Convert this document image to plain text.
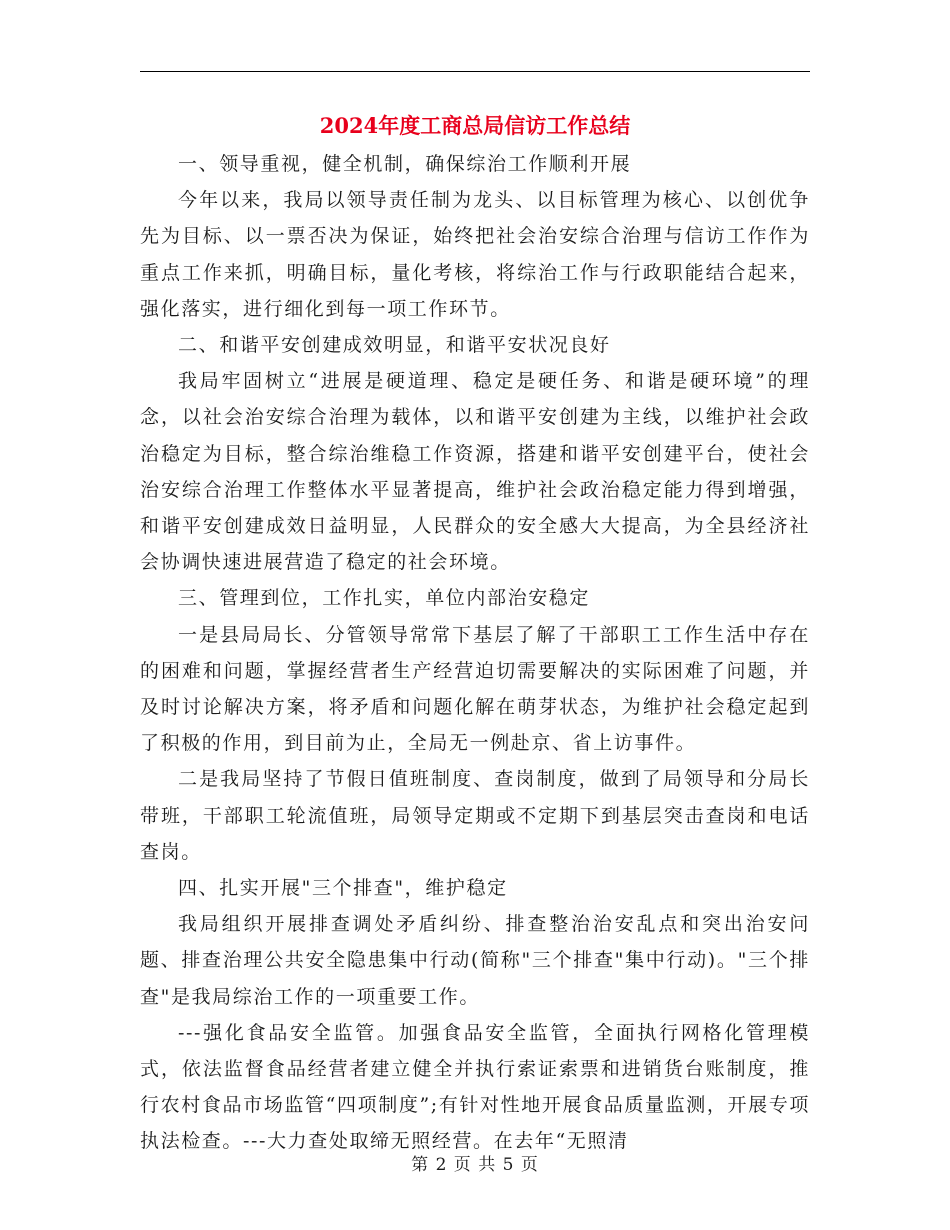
2024年度工商总局信访工作总结

一、领导重视，健全机制，确保综治工作顺利开展

今年以来，我局以领导责任制为龙头、以目标管理为核心、以创优争先为目标、以一票否决为保证，始终把社会治安综合治理与信访工作作为重点工作来抓，明确目标，量化考核，将综治工作与行政职能结合起来，强化落实，进行细化到每一项工作环节。

二、和谐平安创建成效明显，和谐平安状况良好

我局牢固树立“进展是硬道理、稳定是硬任务、和谐是硬环境”的理念，以社会治安综合治理为载体，以和谐平安创建为主线，以维护社会政治稳定为目标，整合综治维稳工作资源，搭建和谐平安创建平台，使社会治安综合治理工作整体水平显著提高，维护社会政治稳定能力得到增强，和谐平安创建成效日益明显，人民群众的安全感大大提高，为全县经济社会协调快速进展营造了稳定的社会环境。

三、管理到位，工作扎实，单位内部治安稳定

一是县局局长、分管领导常常下基层了解了干部职工工作生活中存在的困难和问题，掌握经营者生产经营迫切需要解决的实际困难了问题，并及时讨论解决方案，将矛盾和问题化解在萌芽状态，为维护社会稳定起到了积极的作用，到目前为止，全局无一例赴京、省上访事件。

二是我局坚持了节假日值班制度、查岗制度，做到了局领导和分局长带班，干部职工轮流值班，局领导定期或不定期下到基层突击查岗和电话查岗。

四、扎实开展"三个排查"，维护稳定

我局组织开展排查调处矛盾纠纷、排查整治治安乱点和突出治安问题、排查治理公共安全隐患集中行动(简称"三个排查"集中行动)。"三个排查"是我局综治工作的一项重要工作。

---强化食品安全监管。加强食品安全监管，全面执行网格化管理模式，依法监督食品经营者建立健全并执行索证索票和进销货台账制度，推行农村食品市场监管“四项制度”;有针对性地开展食品质量监测，开展专项执法检查。---大力查处取缔无照经营。在去年“无照清

第 2 页 共 5 页
